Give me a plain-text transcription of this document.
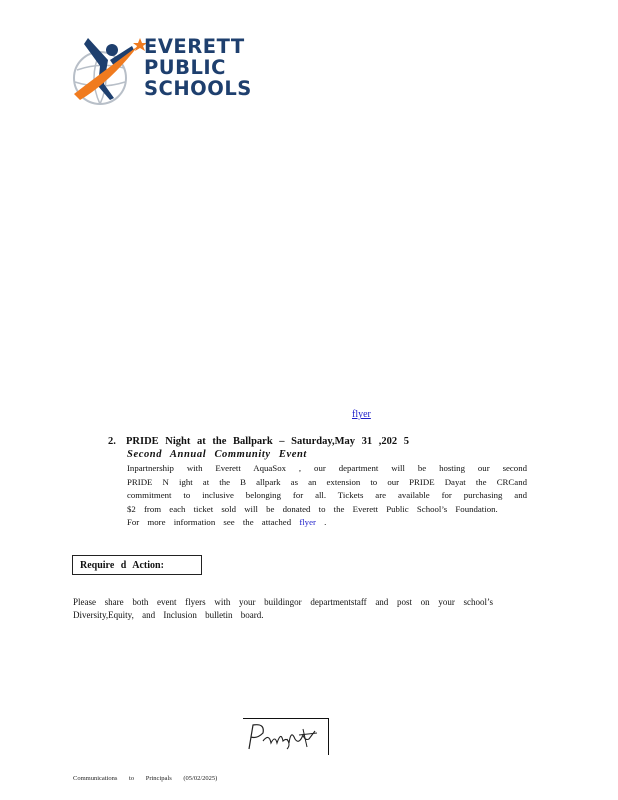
EVERETT
PUBLIC
SCHOOLS
flyer
2. PRIDE Night at the Ballpark – Saturday,May 31 ,202 5
Second Annual Community Event
Inpartnership with Everett AquaSox , our department will be hosting our second
PRIDE N ight at the B allpark as an extension to our PRIDE Dayat the CRCand
commitment to inclusive belonging for all. Tickets are available for purchasing and
$2 from each ticket sold will be donated to the Everett Public School’s Foundation.
For more information see the attached flyer .
Require d Action:
Please share both event flyers with your buildingor departmentstaff and post on your school’s
Diversity,Equity, and Inclusion bulletin board.
Communications to Principals (05/02/2025)
